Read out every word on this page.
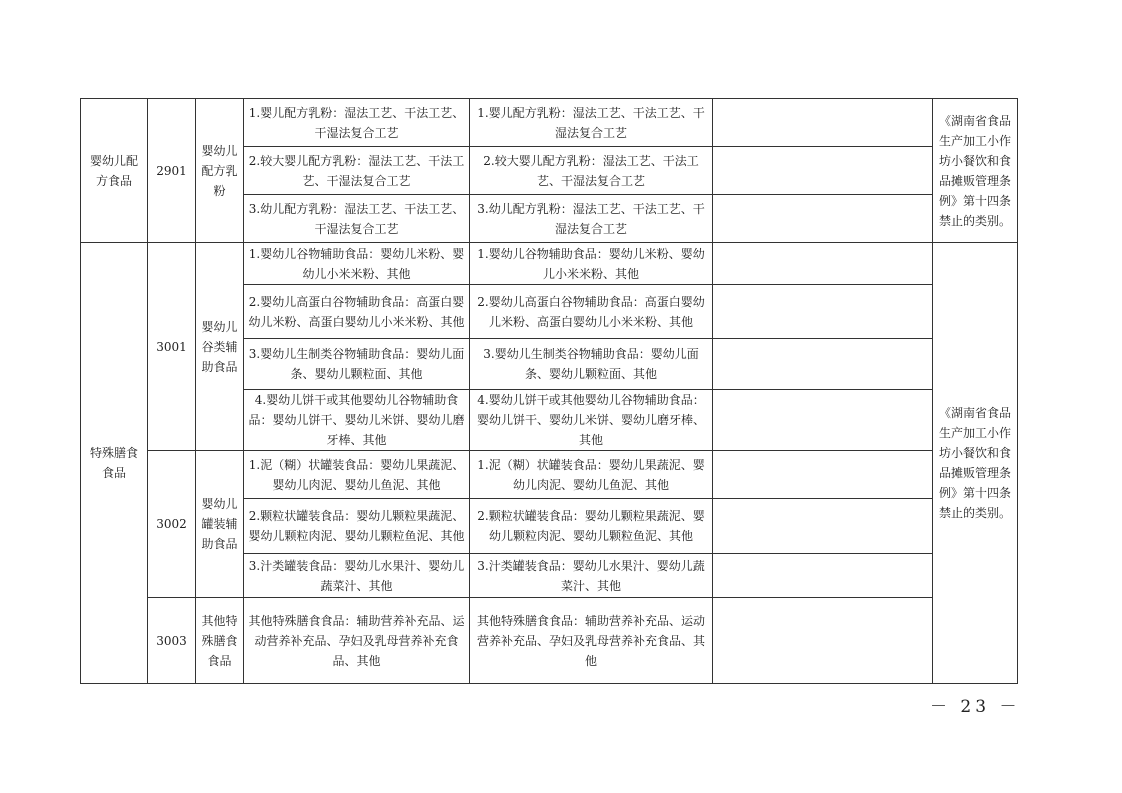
婴幼儿配方食品	2901	婴幼儿配方乳粉	1.婴儿配方乳粉：湿法工艺、干法工艺、干湿法复合工艺	1.婴儿配方乳粉：湿法工艺、干法工艺、干湿法复合工艺		《湖南省食品生产加工小作坊小餐饮和食品摊贩管理条例》第十四条禁止的类别。
			2.较大婴儿配方乳粉：湿法工艺、干法工艺、干湿法复合工艺	2.较大婴儿配方乳粉：湿法工艺、干法工艺、干湿法复合工艺		
			3.幼儿配方乳粉：湿法工艺、干法工艺、干湿法复合工艺	3.幼儿配方乳粉：湿法工艺、干法工艺、干湿法复合工艺		
特殊膳食食品	3001	婴幼儿谷类辅助食品	1.婴幼儿谷物辅助食品：婴幼儿米粉、婴幼儿小米米粉、其他	1.婴幼儿谷物辅助食品：婴幼儿米粉、婴幼儿小米米粉、其他		《湖南省食品生产加工小作坊小餐饮和食品摊贩管理条例》第十四条禁止的类别。
			2.婴幼儿高蛋白谷物辅助食品：高蛋白婴幼儿米粉、高蛋白婴幼儿小米米粉、其他	2.婴幼儿高蛋白谷物辅助食品：高蛋白婴幼儿米粉、高蛋白婴幼儿小米米粉、其他		
			3.婴幼儿生制类谷物辅助食品：婴幼儿面条、婴幼儿颗粒面、其他	3.婴幼儿生制类谷物辅助食品：婴幼儿面条、婴幼儿颗粒面、其他		
			4.婴幼儿饼干或其他婴幼儿谷物辅助食品：婴幼儿饼干、婴幼儿米饼、婴幼儿磨牙棒、其他	4.婴幼儿饼干或其他婴幼儿谷物辅助食品：婴幼儿饼干、婴幼儿米饼、婴幼儿磨牙棒、其他		
	3002	婴幼儿罐装辅助食品	1.泥（糊）状罐装食品：婴幼儿果蔬泥、婴幼儿肉泥、婴幼儿鱼泥、其他	1.泥（糊）状罐装食品：婴幼儿果蔬泥、婴幼儿肉泥、婴幼儿鱼泥、其他		
			2.颗粒状罐装食品：婴幼儿颗粒果蔬泥、婴幼儿颗粒肉泥、婴幼儿颗粒鱼泥、其他	2.颗粒状罐装食品：婴幼儿颗粒果蔬泥、婴幼儿颗粒肉泥、婴幼儿颗粒鱼泥、其他		
			3.汁类罐装食品：婴幼儿水果汁、婴幼儿蔬菜汁、其他	3.汁类罐装食品：婴幼儿水果汁、婴幼儿蔬菜汁、其他		
	3003	其他特殊膳食食品	其他特殊膳食食品：辅助营养补充品、运动营养补充品、孕妇及乳母营养补充食品、其他	其他特殊膳食食品：辅助营养补充品、运动营养补充品、孕妇及乳母营养补充食品、其他		
－ 23 －
